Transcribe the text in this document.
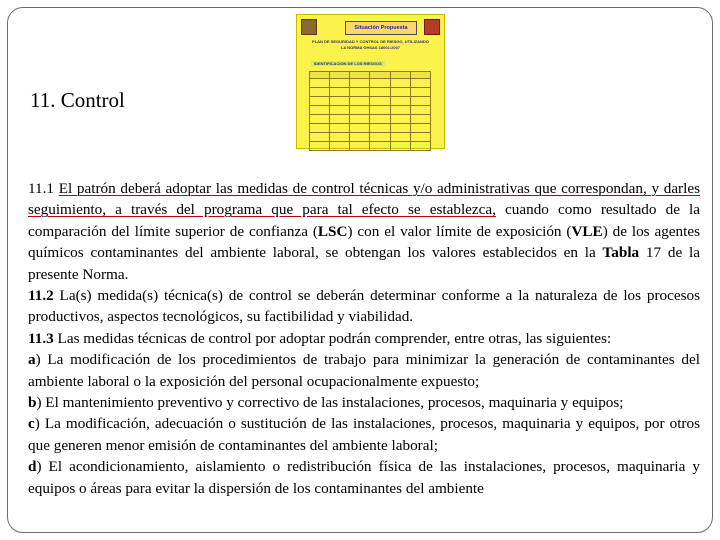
Situación Propuesta
PLAN DE SEGURIDAD Y CONTROL DE RIESGO, UTILIZANDO
LA NORMA OHSAS 18001:2007
IDENTIFICACION DE LOS RIESGOS

11. Control

11.1 El patrón deberá adoptar las medidas de control técnicas y/o administrativas que correspondan, y darles seguimiento, a través del programa que para tal efecto se establezca, cuando como resultado de la comparación del límite superior de confianza (LSC) con el valor límite de exposición (VLE) de los agentes químicos contaminantes del ambiente laboral, se obtengan los valores establecidos en la Tabla 17 de la presente Norma.

11.2 La(s) medida(s) técnica(s) de control se deberán determinar conforme a la naturaleza de los procesos productivos, aspectos tecnológicos, su factibilidad y viabilidad.

11.3 Las medidas técnicas de control por adoptar podrán comprender, entre otras, las siguientes:

a) La modificación de los procedimientos de trabajo para minimizar la generación de contaminantes del ambiente laboral o la exposición del personal ocupacionalmente expuesto;

b) El mantenimiento preventivo y correctivo de las instalaciones, procesos, maquinaria y equipos;

c) La modificación, adecuación o sustitución de las instalaciones, procesos, maquinaria y equipos, por otros que generen menor emisión de contaminantes del ambiente laboral;

d) El acondicionamiento, aislamiento o redistribución física de las instalaciones, procesos, maquinaria y equipos o áreas para evitar la dispersión de los contaminantes del ambiente
